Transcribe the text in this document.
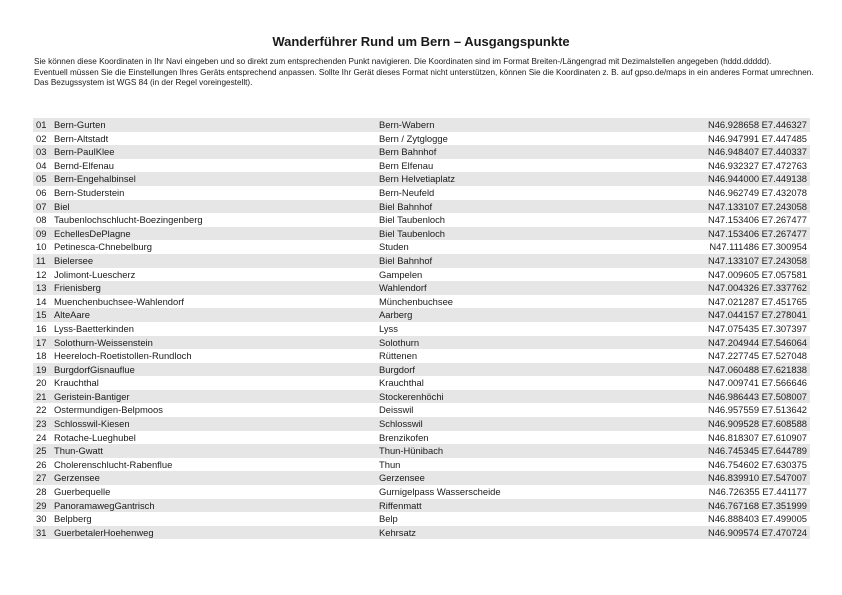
Wanderführer Rund um Bern – Ausgangspunkte

Sie können diese Koordinaten in Ihr Navi eingeben und so direkt zum entsprechenden Punkt navigieren. Die Koordinaten sind im Format Breiten-/Längengrad mit Dezimalstellen angegeben (hddd.ddddd).

Eventuell müssen Sie die Einstellungen Ihres Geräts entsprechend anpassen. Sollte Ihr Gerät dieses Format nicht unterstützen, können Sie die Koordinaten z. B. auf gpso.de/maps in ein anderes Format umrechnen. Das Bezugssystem ist WGS 84 (in der Regel voreingestellt).

01 Bern-Gurten	Bern-Wabern	N46.928658 E7.446327
02 Bern-Altstadt	Bern / Zytglogge	N46.947991 E7.447485
03 Bern-PaulKlee	Bern Bahnhof	N46.948407 E7.440337
04 Bernd-Elfenau	Bern Elfenau	N46.932327 E7.472763
05 Bern-Engehalbinsel	Bern Helvetiaplatz	N46.944000 E7.449138
06 Bern-Studerstein	Bern-Neufeld	N46.962749 E7.432078
07 Biel	Biel Bahnhof	N47.133107 E7.243058
08 Taubenlochschlucht-Boezingenberg	Biel Taubenloch	N47.153406 E7.267477
09 EchellesDePlagne	Biel Taubenloch	N47.153406 E7.267477
10 Petinesca-Chnebelburg	Studen	N47.111486 E7.300954
11 Bielersee	Biel Bahnhof	N47.133107 E7.243058
12 Jolimont-Luescherz	Gampelen	N47.009605 E7.057581
13 Frienisberg	Wahlendorf	N47.004326 E7.337762
14 Muenchenbuchsee-Wahlendorf	Münchenbuchsee	N47.021287 E7.451765
15 AlteAare	Aarberg	N47.044157 E7.278041
16 Lyss-Baetterkinden	Lyss	N47.075435 E7.307397
17 Solothurn-Weissenstein	Solothurn	N47.204944 E7.546064
18 Heereloch-Roetistollen-Rundloch	Rüttenen	N47.227745 E7.527048
19 BurgdorfGisnauflue	Burgdorf	N47.060488 E7.621838
20 Krauchthal	Krauchthal	N47.009741 E7.566646
21 Geristein-Bantiger	Stockerenhöchi	N46.986443 E7.508007
22 Ostermundigen-Belpmoos	Deisswil	N46.957559 E7.513642
23 Schlosswil-Kiesen	Schlosswil	N46.909528 E7.608588
24 Rotache-Lueghubel	Brenzikofen	N46.818307 E7.610907
25 Thun-Gwatt	Thun-Hünibach	N46.745345 E7.644789
26 Cholerenschlucht-Rabenflue	Thun	N46.754602 E7.630375
27 Gerzensee	Gerzensee	N46.839910 E7.547007
28 Guerbequelle	Gurnigelpass Wasserscheide	N46.726355 E7.441177
29 PanoramawegGantrisch	Riffenmatt	N46.767168 E7.351999
30 Belpberg	Belp	N46.888403 E7.499005
31 GuerbetalerHoehenweg	Kehrsatz	N46.909574 E7.470724
